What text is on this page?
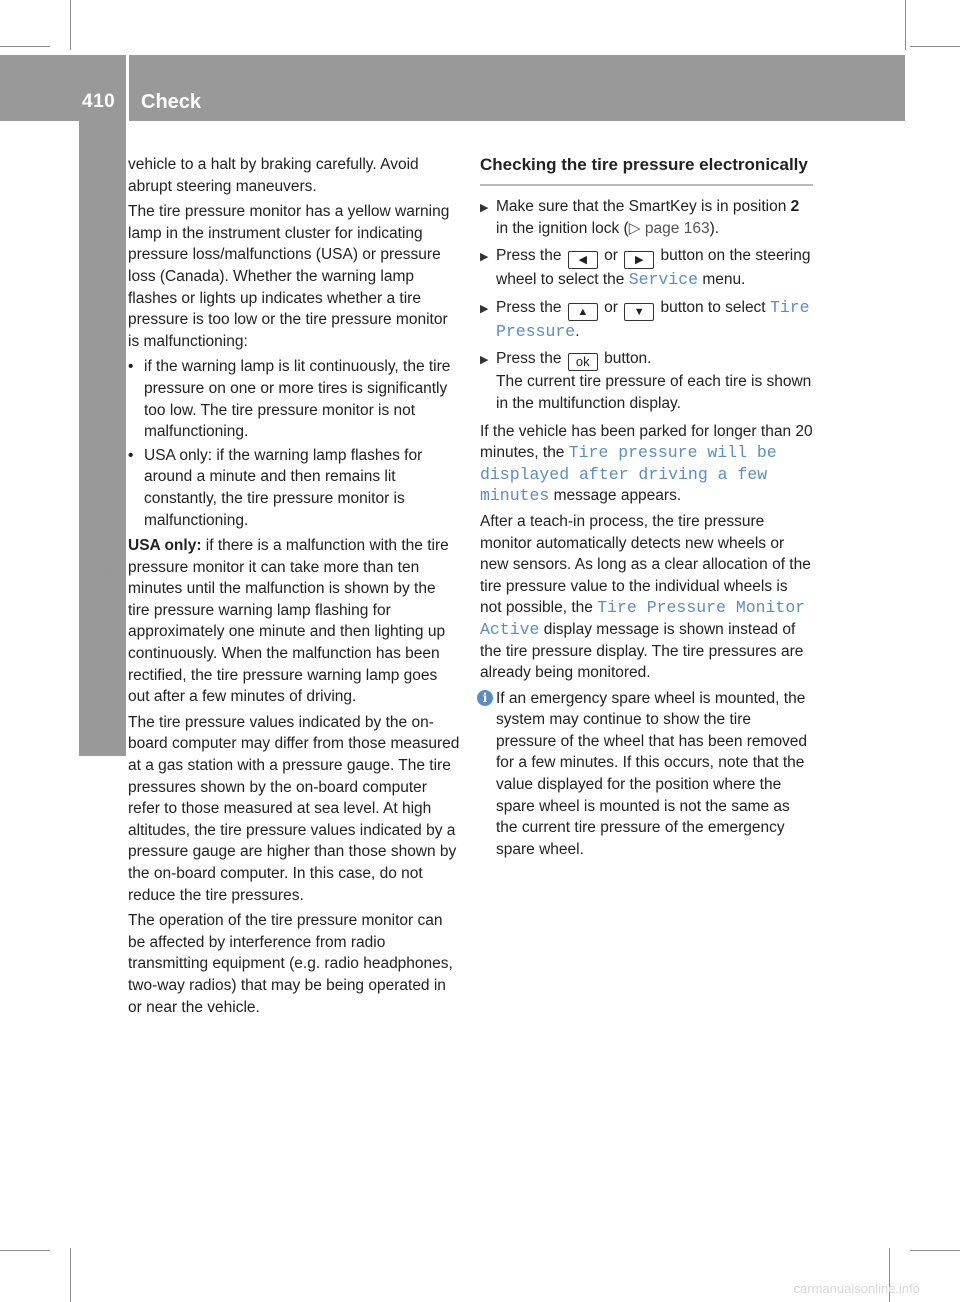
410 Check
Wheels and tires

vehicle to a halt by braking carefully. Avoid abrupt steering maneuvers.

The tire pressure monitor has a yellow warning lamp in the instrument cluster for indicating pressure loss/malfunctions (USA) or pressure loss (Canada). Whether the warning lamp flashes or lights up indicates whether a tire pressure is too low or the tire pressure monitor is malfunctioning:

• if the warning lamp is lit continuously, the tire pressure on one or more tires is significantly too low. The tire pressure monitor is not malfunctioning.
• USA only: if the warning lamp flashes for around a minute and then remains lit constantly, the tire pressure monitor is malfunctioning.

USA only: if there is a malfunction with the tire pressure monitor it can take more than ten minutes until the malfunction is shown by the tire pressure warning lamp flashing for approximately one minute and then lighting up continuously. When the malfunction has been rectified, the tire pressure warning lamp goes out after a few minutes of driving.

The tire pressure values indicated by the on-board computer may differ from those measured at a gas station with a pressure gauge. The tire pressures shown by the on-board computer refer to those measured at sea level. At high altitudes, the tire pressure values indicated by a pressure gauge are higher than those shown by the on-board computer. In this case, do not reduce the tire pressures.

The operation of the tire pressure monitor can be affected by interference from radio transmitting equipment (e.g. radio headphones, two-way radios) that may be being operated in or near the vehicle.

Checking the tire pressure electronically
▶ Make sure that the SmartKey is in position 2 in the ignition lock (▷ page 163).
▶ Press the ◀ or ▶ button on the steering wheel to select the Service menu.
▶ Press the ▲ or ▼ button to select Tire Pressure.
▶ Press the ok button.
The current tire pressure of each tire is shown in the multifunction display.

If the vehicle has been parked for longer than 20 minutes, the Tire pressure will be displayed after driving a few minutes message appears.

After a teach-in process, the tire pressure monitor automatically detects new wheels or new sensors. As long as a clear allocation of the tire pressure value to the individual wheels is not possible, the Tire Pressure Monitor Active display message is shown instead of the tire pressure display. The tire pressures are already being monitored.

i If an emergency spare wheel is mounted, the system may continue to show the tire pressure of the wheel that has been removed for a few minutes. If this occurs, note that the value displayed for the position where the spare wheel is mounted is not the same as the current tire pressure of the emergency spare wheel.
carmanualsonline.info
